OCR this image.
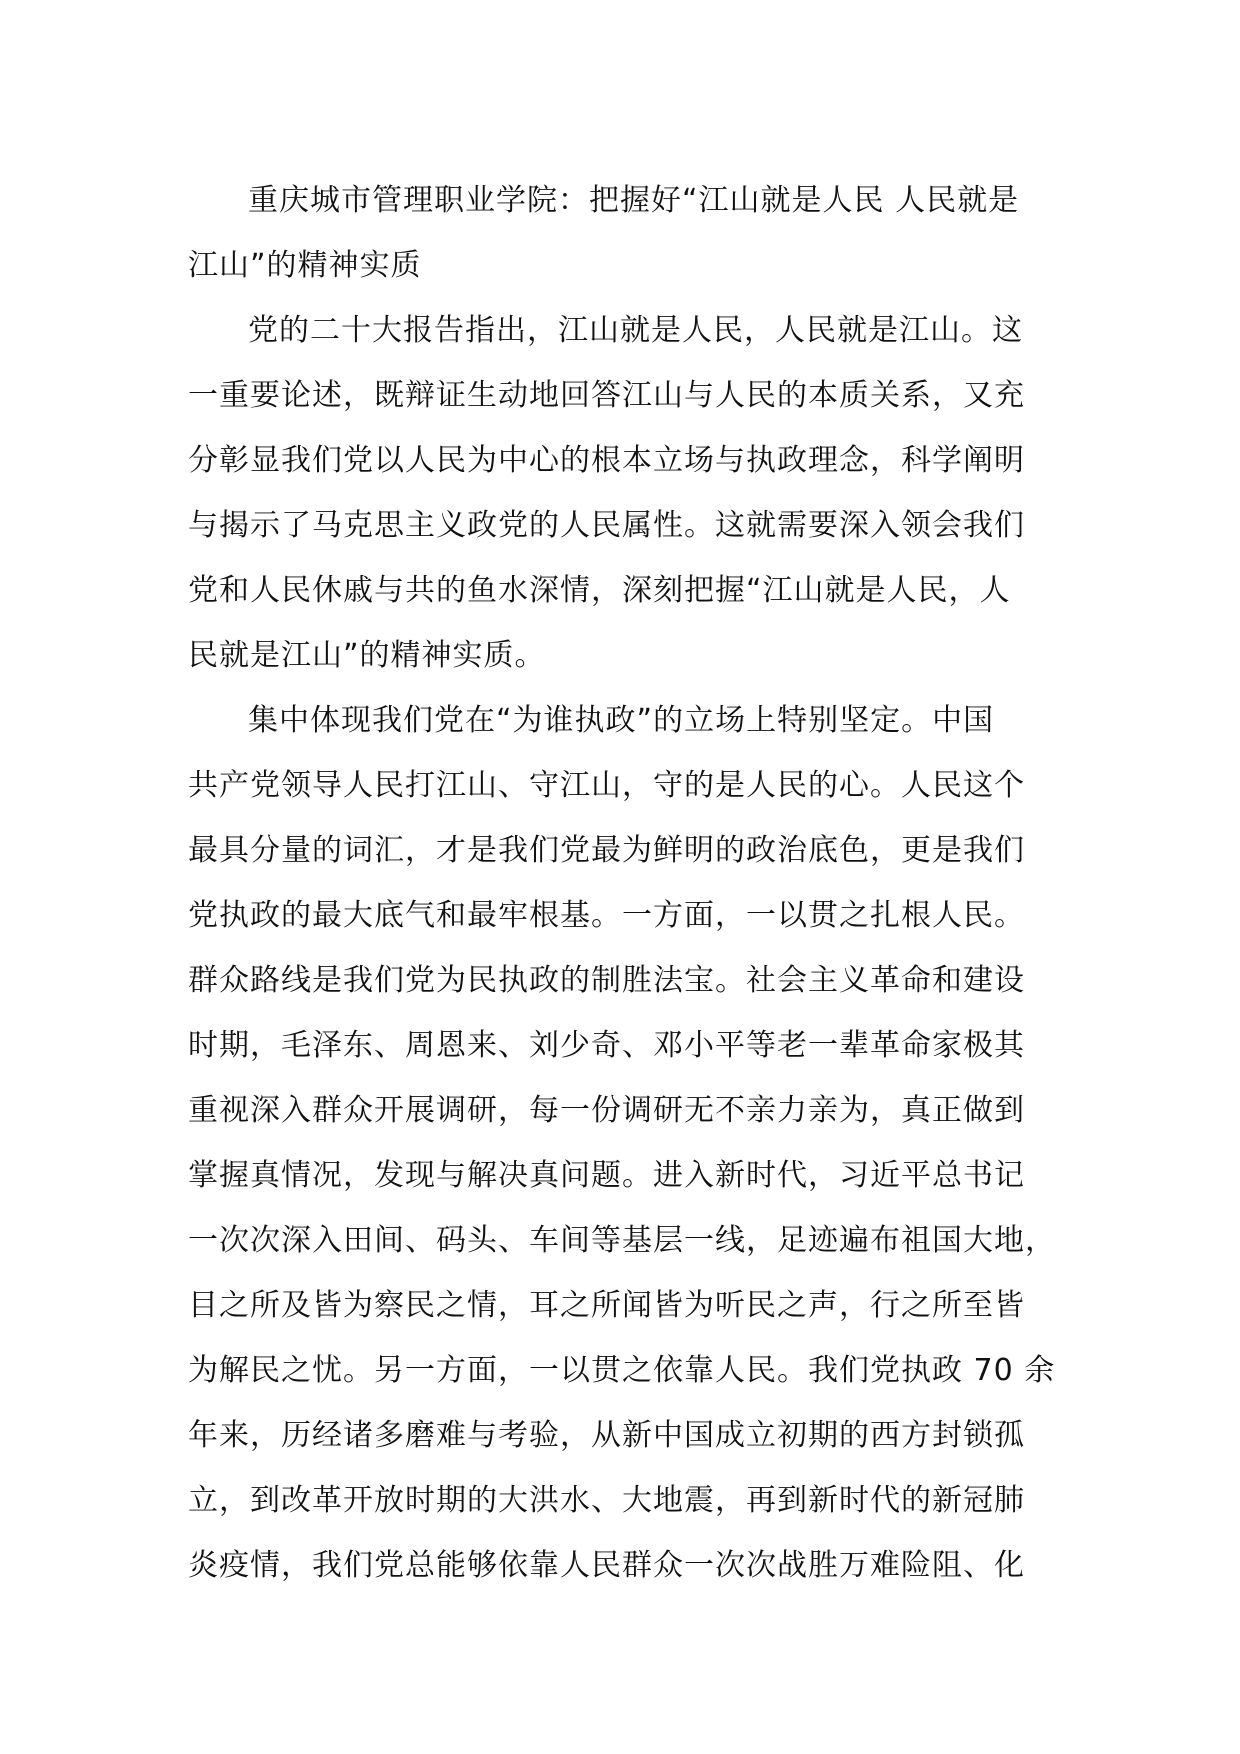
重庆城市管理职业学院：把握好“江山就是人民 人民就是
江山”的精神实质
党的二十大报告指出，江山就是人民，人民就是江山。这
一重要论述，既辩证生动地回答江山与人民的本质关系，又充
分彰显我们党以人民为中心的根本立场与执政理念，科学阐明
与揭示了马克思主义政党的人民属性。这就需要深入领会我们
党和人民休戚与共的鱼水深情，深刻把握“江山就是人民，人
民就是江山”的精神实质。
集中体现我们党在“为谁执政”的立场上特别坚定。中国
共产党领导人民打江山、守江山，守的是人民的心。人民这个
最具分量的词汇，才是我们党最为鲜明的政治底色，更是我们
党执政的最大底气和最牢根基。一方面，一以贯之扎根人民。
群众路线是我们党为民执政的制胜法宝。社会主义革命和建设
时期，毛泽东、周恩来、刘少奇、邓小平等老一辈革命家极其
重视深入群众开展调研，每一份调研无不亲力亲为，真正做到
掌握真情况，发现与解决真问题。进入新时代，习近平总书记
一次次深入田间、码头、车间等基层一线，足迹遍布祖国大地，
目之所及皆为察民之情，耳之所闻皆为听民之声，行之所至皆
为解民之忧。另一方面，一以贯之依靠人民。我们党执政 70 余
年来，历经诸多磨难与考验，从新中国成立初期的西方封锁孤
立，到改革开放时期的大洪水、大地震，再到新时代的新冠肺
炎疫情，我们党总能够依靠人民群众一次次战胜万难险阻、化
